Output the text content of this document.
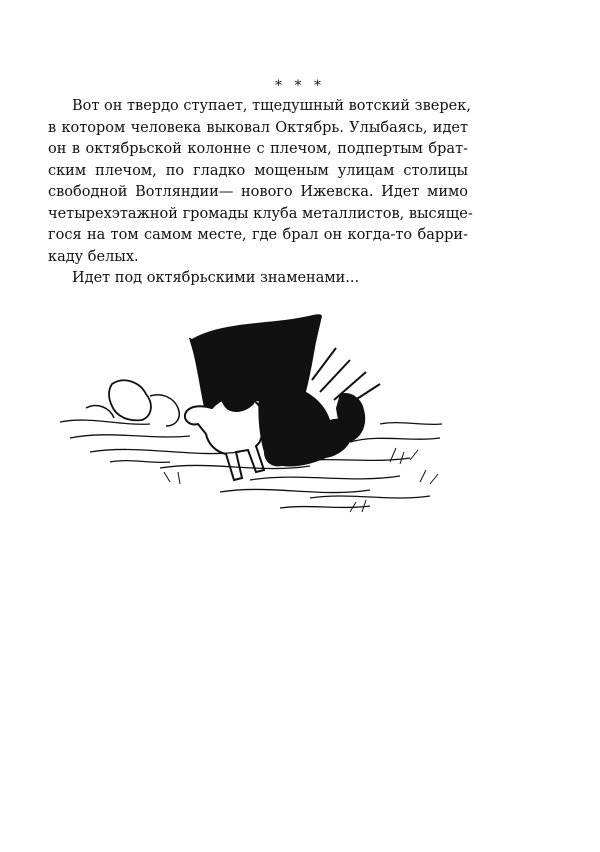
* * *
Вот он твердо ступает, тщедушный вотский зверек,
в котором человека выковал Октябрь. Улыбаясь, идет
он в октябрьской колонне с плечом, подпертым брат-
ским плечом, по гладко мощеным улицам столицы
свободной Вотляндии— нового Ижевска. Идет мимо
четырехэтажной громады клуба металлистов, высяще-
гося на том самом месте, где брал он когда-то барри-
каду белых.
Идет под октябрьскими знаменами...
